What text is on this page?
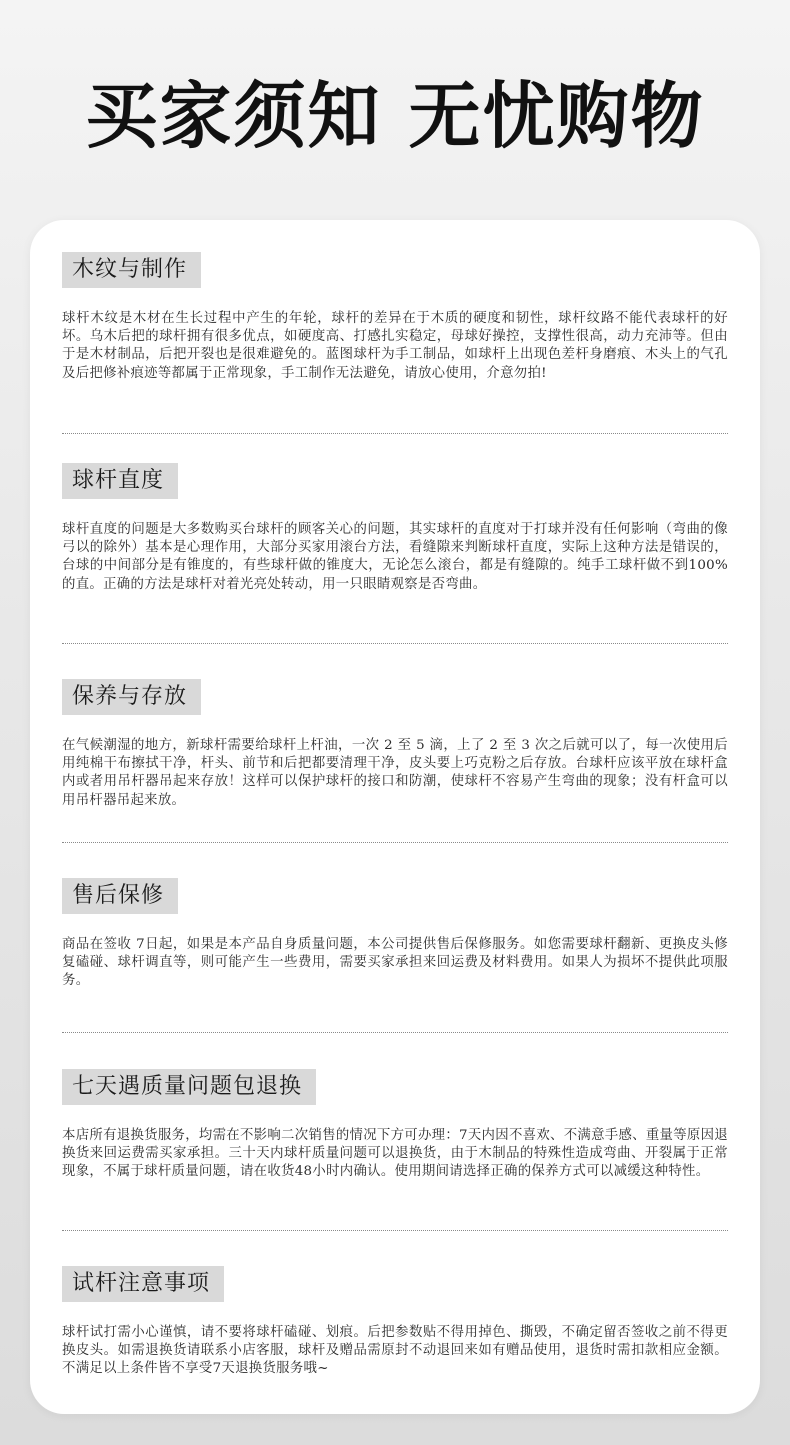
买家须知 无忧购物
木纹与制作

球杆木纹是木材在生长过程中产生的年轮，球杆的差异在于木质的硬度和韧性，球杆纹路不能代表球杆的好坏。乌木后把的球杆拥有很多优点，如硬度高、打感扎实稳定，母球好操控，支撑性很高，动力充沛等。但由于是木材制品，后把开裂也是很难避免的。蓝图球杆为手工制品，如球杆上出现色差杆身磨痕、木头上的气孔及后把修补痕迹等都属于正常现象，手工制作无法避免，请放心使用，介意勿拍!

球杆直度

球杆直度的问题是大多数购买台球杆的顾客关心的问题，其实球杆的直度对于打球并没有任何影响（弯曲的像弓以的除外）基本是心理作用，大部分买家用滚台方法，看缝隙来判断球杆直度，实际上这种方法是错误的，台球的中间部分是有锥度的，有些球杆做的锥度大，无论怎么滚台，都是有缝隙的。纯手工球杆做不到100%的直。正确的方法是球杆对着光亮处转动，用一只眼睛观察是否弯曲。

保养与存放

在气候潮湿的地方，新球杆需要给球杆上杆油，一次 2 至 5 滴，上了 2 至 3 次之后就可以了，每一次使用后用纯棉干布擦拭干净，杆头、前节和后把都要清理干净，皮头要上巧克粉之后存放。台球杆应该平放在球杆盒内或者用吊杆器吊起来存放！这样可以保护球杆的接口和防潮，使球杆不容易产生弯曲的现象；没有杆盒可以用吊杆器吊起来放。

售后保修

商品在签收 7日起，如果是本产品自身质量问题，本公司提供售后保修服务。如您需要球杆翻新、更换皮头修复磕碰、球杆调直等，则可能产生一些费用，需要买家承担来回运费及材料费用。如果人为损坏不提供此项服务。

七天遇质量问题包退换

本店所有退换货服务，均需在不影响二次销售的情况下方可办理：7天内因不喜欢、不满意手感、重量等原因退换货来回运费需买家承担。三十天内球杆质量问题可以退换货，由于木制品的特殊性造成弯曲、开裂属于正常现象，不属于球杆质量问题，请在收货48小时内确认。使用期间请选择正确的保养方式可以减缓这种特性。

试杆注意事项

球杆试打需小心谨慎，请不要将球杆磕碰、划痕。后把参数贴不得用掉色、撕毁，不确定留否签收之前不得更换皮头。如需退换货请联系小店客服，球杆及赠品需原封不动退回来如有赠品使用，退货时需扣款相应金额。不满足以上条件皆不享受7天退换货服务哦~
